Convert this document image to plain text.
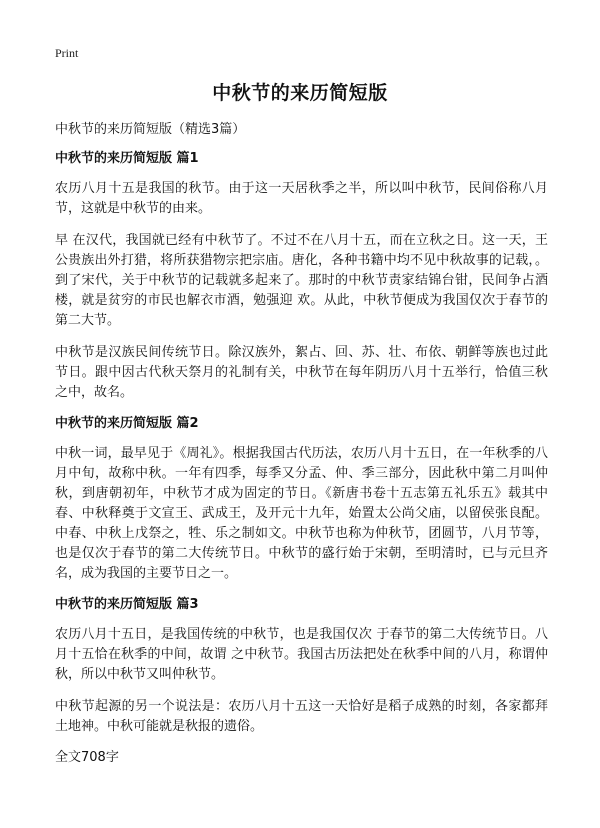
Print
中秋节的来历简短版
中秋节的来历简短版（精选3篇）
中秋节的来历简短版 篇1

农历八月十五是我国的秋节。由于这一天居秋季之半，所以叫中秋节，民间俗称八月节，这就是中秋节的由来。

早 在汉代，我国就已经有中秋节了。不过不在八月十五，而在立秋之日。这一天，王公贵族出外打猎，将所获猎物宗把宗庙。唐化，各种书籍中均不见中秋故事的记载，。到了宋代，关于中秋节的记载就多起来了。那时的中秋节责家结锦台钳，民间争占酒楼，就是贫穷的市民也解衣市酒，勉强迎 欢。从此，中秋节便成为我国仅次于春节的第二大节。

中秋节是汉族民间传统节日。除汉族外，絮占、回、苏、壮、布依、朝鲜等族也过此节日。跟中因古代秋天祭月的礼制有关，中秋节在每年阴历八月十五举行，恰值三秋之中，故名。

中秋节的来历简短版 篇2

中秋一词，最早见于《周礼》。根据我国古代历法，农历八月十五日，在一年秋季的八月中旬，故称中秋。一年有四季，每季又分孟、仲、季三部分，因此秋中第二月叫仲秋，到唐朝初年，中秋节才成为固定的节日。《新唐书卷十五志第五礼乐五》载其中春、中秋释奠于文宣王、武成王，及开元十九年，始置太公尚父庙，以留侯张良配。中春、中秋上戊祭之，牲、乐之制如文。中秋节也称为仲秋节，团圆节，八月节等，也是仅次于春节的第二大传统节日。中秋节的盛行始于宋朝，至明清时，已与元旦齐名，成为我国的主要节日之一。

中秋节的来历简短版 篇3

农历八月十五日，是我国传统的中秋节，也是我国仅次 于春节的第二大传统节日。八月十五恰在秋季的中间，故谓 之中秋节。我国古历法把处在秋季中间的八月，称谓仲秋，所以中秋节又叫仲秋节。

中秋节起源的另一个说法是：农历八月十五这一天恰好是稻子成熟的时刻，各家都拜土地神。中秋可能就是秋报的遗俗。

全文708字
